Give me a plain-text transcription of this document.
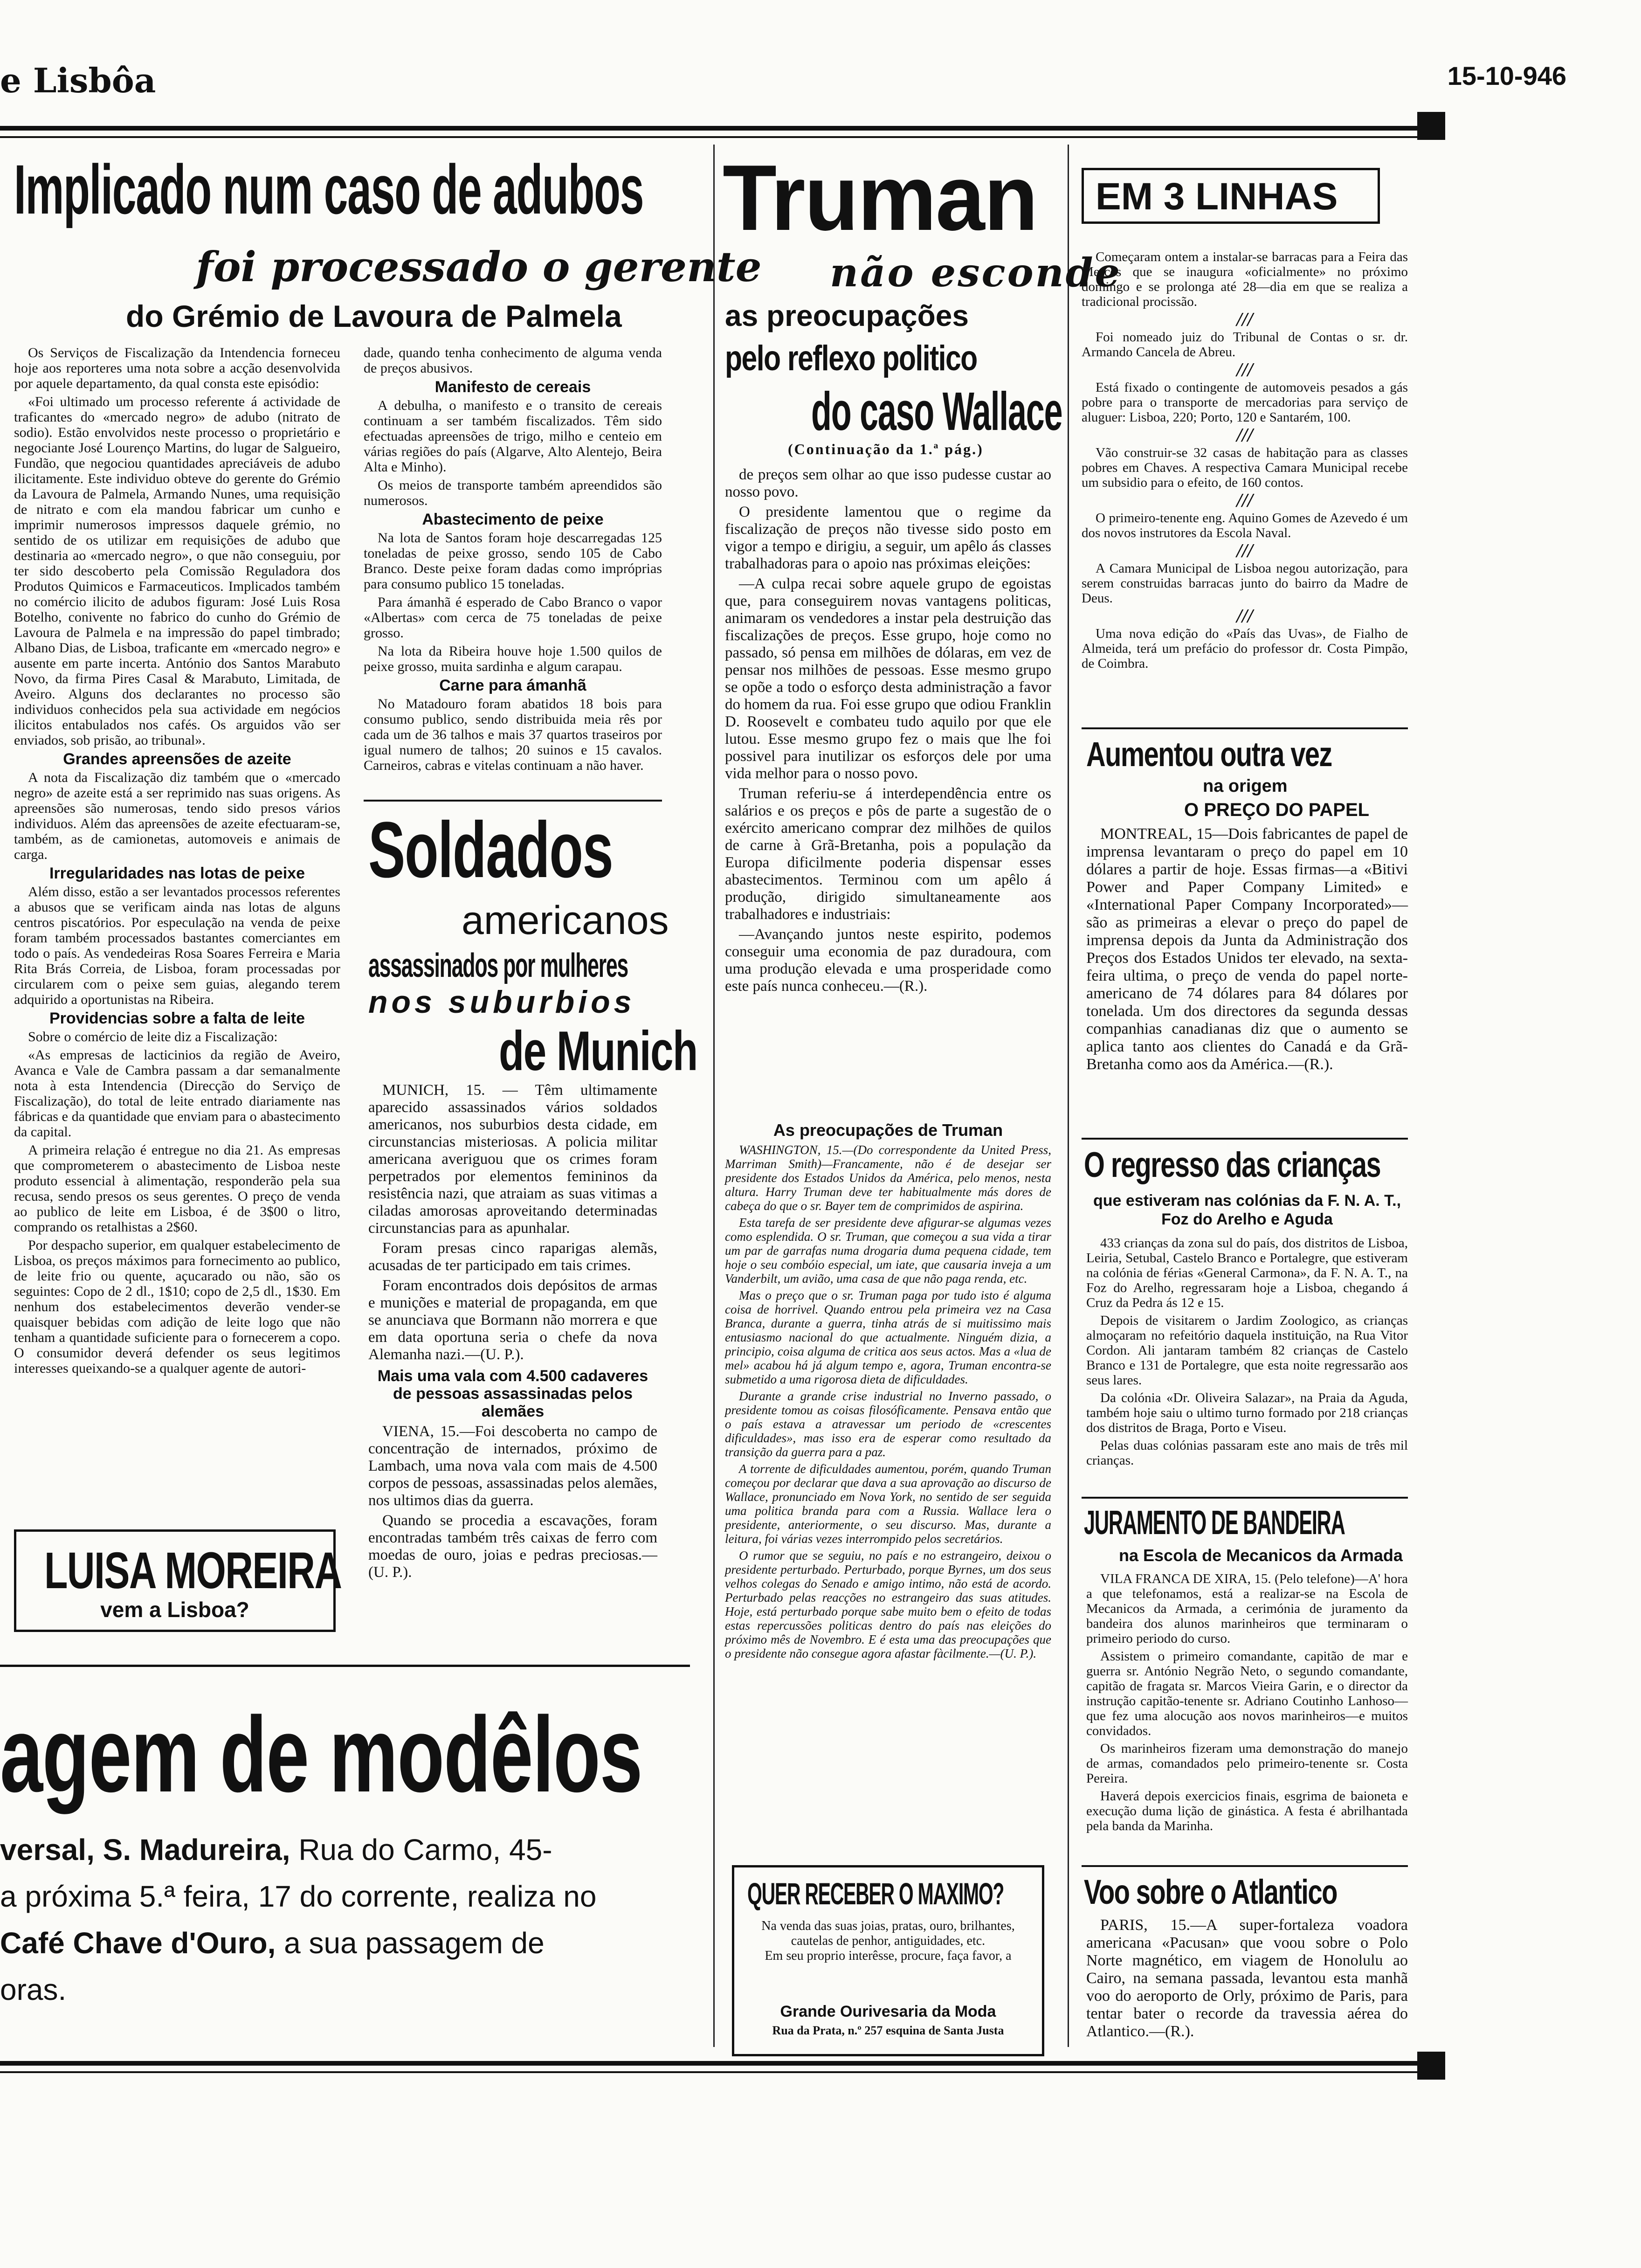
e Lisbôa	15-10-946
Implicado num caso de adubos
foi processado o gerente
do Grémio de Lavoura de Palmela

Os Serviços de Fiscalização da Intendencia forneceu hoje aos reporteres uma nota sobre a acção desenvolvida por aquele departamento, da qual consta este episódio:

«Foi ultimado um processo referente á actividade de traficantes do «mercado negro» de adubo (nitrato de sodio). Estão envolvidos neste processo o proprietário e negociante José Lourenço Martins, do lugar de Salgueiro, Fundão, que negociou quantidades apreciáveis de adubo ilicitamente. Este individuo obteve do gerente do Grémio da Lavoura de Palmela, Armando Nunes, uma requisição de nitrato e com ela mandou fabricar um cunho e imprimir numerosos impressos daquele grémio, no sentido de os utilizar em requisições de adubo que destinaria ao «mercado negro», o que não conseguiu, por ter sido descoberto pela Comissão Reguladora dos Produtos Quimicos e Farmaceuticos. Implicados também no comércio ilicito de adubos figuram: José Luis Rosa Botelho, conivente no fabrico do cunho do Grémio de Lavoura de Palmela e na impressão do papel timbrado; Albano Dias, de Lisboa, traficante em «mercado negro» e ausente em parte incerta. António dos Santos Marabuto Novo, da firma Pires Casal & Marabuto, Limitada, de Aveiro. Alguns dos declarantes no processo são individuos conhecidos pela sua actividade em negócios ilicitos entabulados nos cafés. Os arguidos vão ser enviados, sob prisão, ao tribunal».

Grandes apreensões de azeite

A nota da Fiscalização diz também que o «mercado negro» de azeite está a ser reprimido nas suas origens. As apreensões são numerosas, tendo sido presos vários individuos. Além das apreensões de azeite efectuaram-se, também, as de camionetas, automoveis e animais de carga.

Irregularidades nas lotas de peixe

Além disso, estão a ser levantados processos referentes a abusos que se verificam ainda nas lotas de alguns centros piscatórios. Por especulação na venda de peixe foram também processados bastantes comerciantes em todo o país. As vendedeiras Rosa Soares Ferreira e Maria Rita Brás Correia, de Lisboa, foram processadas por circularem com o peixe sem guias, alegando terem adquirido a oportunistas na Ribeira.

Providencias sobre a falta de leite

Sobre o comércio de leite diz a Fiscalização:

«As empresas de lacticinios da região de Aveiro, Avanca e Vale de Cambra passam a dar semanalmente nota à esta Intendencia (Direcção do Serviço de Fiscalização), do total de leite entrado diariamente nas fábricas e da quantidade que enviam para o abastecimento da capital.

A primeira relação é entregue no dia 21. As empresas que comprometerem o abastecimento de Lisboa neste produto essencial à alimentação, responderão pela sua recusa, sendo presos os seus gerentes. O preço de venda ao publico de leite em Lisboa, é de 3$00 o litro, comprando os retalhistas a 2$60.

Por despacho superior, em qualquer estabelecimento de Lisboa, os preços máximos para fornecimento ao publico, de leite frio ou quente, açucarado ou não, são os seguintes: Copo de 2 dl., 1$10; copo de 2,5 dl., 1$30. Em nenhum dos estabelecimentos deverão vender-se quaisquer bebidas com adição de leite logo que não tenham a quantidade suficiente para o fornecerem a copo. O consumidor deverá defender os seus legitimos interesses queixando-se a qualquer agente de autori-

dade, quando tenha conhecimento de alguma venda de preços abusivos.

Manifesto de cereais

A debulha, o manifesto e o transito de cereais continuam a ser também fiscalizados. Têm sido efectuadas apreensões de trigo, milho e centeio em várias regiões do país (Algarve, Alto Alentejo, Beira Alta e Minho).

Os meios de transporte também apreendidos são numerosos.

Abastecimento de peixe

Na lota de Santos foram hoje descarregadas 125 toneladas de peixe grosso, sendo 105 de Cabo Branco. Deste peixe foram dadas como impróprias para consumo publico 15 toneladas.

Para ámanhã é esperado de Cabo Branco o vapor «Albertas» com cerca de 75 toneladas de peixe grosso.

Na lota da Ribeira houve hoje 1.500 quilos de peixe grosso, muita sardinha e algum carapau.

Carne para ámanhã

No Matadouro foram abatidos 18 bois para consumo publico, sendo distribuida meia rês por cada um de 36 talhos e mais 37 quartos traseiros por igual numero de talhos; 20 suinos e 15 cavalos. Carneiros, cabras e vitelas continuam a não haver.

Soldados
americanos
assassinados por mulheres
nos suburbios
de Munich

MUNICH, 15. — Têm ultimamente aparecido assassinados vários soldados americanos, nos suburbios desta cidade, em circunstancias misteriosas. A policia militar americana averiguou que os crimes foram perpetrados por elementos femininos da resistência nazi, que atraiam as suas vitimas a ciladas amorosas aproveitando determinadas circunstancias para as apunhalar.

Foram presas cinco raparigas alemãs, acusadas de ter participado em tais crimes.

Foram encontrados dois depósitos de armas e munições e material de propaganda, em que se anunciava que Bormann não morrera e que em data oportuna seria o chefe da nova Alemanha nazi.—(U. P.).

Mais uma vala com 4.500 cadaveres de pessoas assassinadas pelos alemães

VIENA, 15.—Foi descoberta no campo de concentração de internados, próximo de Lambach, uma nova vala com mais de 4.500 corpos de pessoas, assassinadas pelos alemães, nos ultimos dias da guerra.

Quando se procedia a escavações, foram encontradas também três caixas de ferro com moedas de ouro, joias e pedras preciosas.—(U. P.).

LUISA MOREIRA
vem a Lisboa?
agem de modêlos
versal, S. Madureira, Rua do Carmo, 45-
a próxima 5.ª feira, 17 do corrente, realiza no
Café Chave d'Ouro, a sua passagem de
oras.
Truman
não esconde
as preocupações
pelo reflexo politico
do caso Wallace
(Continuação da 1.ª pág.)

de preços sem olhar ao que isso pudesse custar ao nosso povo.

O presidente lamentou que o regime da fiscalização de preços não tivesse sido posto em vigor a tempo e dirigiu, a seguir, um apêlo ás classes trabalhadoras para o apoio nas próximas eleições:

—A culpa recai sobre aquele grupo de egoistas que, para conseguirem novas vantagens politicas, animaram os vendedores a instar pela destruição das fiscalizações de preços. Esse grupo, hoje como no passado, só pensa em milhões de dólaras, em vez de pensar nos milhões de pessoas. Esse mesmo grupo se opõe a todo o esforço desta administração a favor do homem da rua. Foi esse grupo que odiou Franklin D. Roosevelt e combateu tudo aquilo por que ele lutou. Esse mesmo grupo fez o mais que lhe foi possivel para inutilizar os esforços dele por uma vida melhor para o nosso povo.

Truman referiu-se á interdependência entre os salários e os preços e pôs de parte a sugestão de o exército americano comprar dez milhões de quilos de carne à Grã-Bretanha, pois a população da Europa dificilmente poderia dispensar esses abastecimentos. Terminou com um apêlo á produção, dirigido simultaneamente aos trabalhadores e industriais:

—Avançando juntos neste espirito, podemos conseguir uma economia de paz duradoura, com uma produção elevada e uma prosperidade como este país nunca conheceu.—(R.).

As preocupações de Truman

WASHINGTON, 15.—(Do correspondente da United Press, Marriman Smith)—Francamente, não é de desejar ser presidente dos Estados Unidos da América, pelo menos, nesta altura. Harry Truman deve ter habitualmente más dores de cabeça do que o sr. Bayer tem de comprimidos de aspirina.

Esta tarefa de ser presidente deve afigurar-se algumas vezes como esplendida. O sr. Truman, que começou a sua vida a tirar um par de garrafas numa drogaria duma pequena cidade, tem hoje o seu combóio especial, um iate, que causaria inveja a um Vanderbilt, um avião, uma casa de que não paga renda, etc.

Mas o preço que o sr. Truman paga por tudo isto é alguma coisa de horrivel. Quando entrou pela primeira vez na Casa Branca, durante a guerra, tinha atrás de si muitissimo mais entusiasmo nacional do que actualmente. Ninguém dizia, a principio, coisa alguma de critica aos seus actos. Mas a «lua de mel» acabou há já algum tempo e, agora, Truman encontra-se submetido a uma rigorosa dieta de dificuldades.

Durante a grande crise industrial no Inverno passado, o presidente tomou as coisas filosóficamente. Pensava então que o país estava a atravessar um periodo de «crescentes dificuldades», mas isso era de esperar como resultado da transição da guerra para a paz.

A torrente de dificuldades aumentou, porém, quando Truman começou por declarar que dava a sua aprovação ao discurso de Wallace, pronunciado em Nova York, no sentido de ser seguida uma politica branda para com a Russia. Wallace lera o presidente, anteriormente, o seu discurso. Mas, durante a leitura, foi várias vezes interrompido pelos secretários.

O rumor que se seguiu, no país e no estrangeiro, deixou o presidente perturbado. Perturbado, porque Byrnes, um dos seus velhos colegas do Senado e amigo intimo, não está de acordo. Perturbado pelas reacções no estrangeiro das suas atitudes. Hoje, está perturbado porque sabe muito bem o efeito de todas estas repercussões politicas dentro do país nas eleições do próximo mês de Novembro. E é esta uma das preocupações que o presidente não consegue agora afastar fàcilmente.—(U. P.).

QUER RECEBER O MAXIMO?
Na venda das suas joias, pratas, ouro, brilhantes, cautelas de penhor, antiguidades, etc.
Em seu proprio interêsse, procure, faça favor, a
Grande Ourivesaria da Moda
Rua da Prata, n.º 257 esquina de Santa Justa
EM 3 LINHAS

Começaram ontem a instalar-se barracas para a Feira das Mercês que se inaugura «oficialmente» no próximo domingo e se prolonga até 28—dia em que se realiza a tradicional procissão.

///

Foi nomeado juiz do Tribunal de Contas o sr. dr. Armando Cancela de Abreu.

///

Está fixado o contingente de automoveis pesados a gás pobre para o transporte de mercadorias para serviço de aluguer: Lisboa, 220; Porto, 120 e Santarém, 100.

///

Vão construir-se 32 casas de habitação para as classes pobres em Chaves. A respectiva Camara Municipal recebe um subsidio para o efeito, de 160 contos.

///

O primeiro-tenente eng. Aquino Gomes de Azevedo é um dos novos instrutores da Escola Naval.

///

A Camara Municipal de Lisboa negou autorização, para serem construidas barracas junto do bairro da Madre de Deus.

///

Uma nova edição do «País das Uvas», de Fialho de Almeida, terá um prefácio do professor dr. Costa Pimpão, de Coimbra.

Aumentou outra vez
na origem
O PREÇO DO PAPEL

MONTREAL, 15—Dois fabricantes de papel de imprensa levantaram o preço do papel em 10 dólares a partir de hoje. Essas firmas—a «Bitivi Power and Paper Company Limited» e «International Paper Company Incorporated»—são as primeiras a elevar o preço do papel de imprensa depois da Junta da Administração dos Preços dos Estados Unidos ter elevado, na sexta-feira ultima, o preço de venda do papel norte-americano de 74 dólares para 84 dólares por tonelada. Um dos directores da segunda dessas companhias canadianas diz que o aumento se aplica tanto aos clientes do Canadá e da Grã-Bretanha como aos da América.—(R.).

O regresso das crianças
que estiveram nas colónias da F. N. A. T., Foz do Arelho e Aguda

433 crianças da zona sul do país, dos distritos de Lisboa, Leiria, Setubal, Castelo Branco e Portalegre, que estiveram na colónia de férias «General Carmona», da F. N. A. T., na Foz do Arelho, regressaram hoje a Lisboa, chegando á Cruz da Pedra ás 12 e 15.

Depois de visitarem o Jardim Zoologico, as crianças almoçaram no refeitório daquela instituição, na Rua Vitor Cordon. Ali jantaram também 82 crianças de Castelo Branco e 131 de Portalegre, que esta noite regressarão aos seus lares.

Da colónia «Dr. Oliveira Salazar», na Praia da Aguda, também hoje saiu o ultimo turno formado por 218 crianças dos distritos de Braga, Porto e Viseu.

Pelas duas colónias passaram este ano mais de três mil crianças.

JURAMENTO DE BANDEIRA
na Escola de Mecanicos da Armada

VILA FRANCA DE XIRA, 15. (Pelo telefone)—A' hora a que telefonamos, está a realizar-se na Escola de Mecanicos da Armada, a cerimónia de juramento da bandeira dos alunos marinheiros que terminaram o primeiro periodo do curso.

Assistem o primeiro comandante, capitão de mar e guerra sr. António Negrão Neto, o segundo comandante, capitão de fragata sr. Marcos Vieira Garin, e o director da instrução capitão-tenente sr. Adriano Coutinho Lanhoso—que fez uma alocução aos novos marinheiros—e muitos convidados.

Os marinheiros fizeram uma demonstração do manejo de armas, comandados pelo primeiro-tenente sr. Costa Pereira.

Haverá depois exercicios finais, esgrima de baioneta e execução duma lição de ginástica. A festa é abrilhantada pela banda da Marinha.

Voo sobre o Atlantico

PARIS, 15.—A super-fortaleza voadora americana «Pacusan» que voou sobre o Polo Norte magnético, em viagem de Honolulu ao Cairo, na semana passada, levantou esta manhã voo do aeroporto de Orly, próximo de Paris, para tentar bater o recorde da travessia aérea do Atlantico.—(R.).
